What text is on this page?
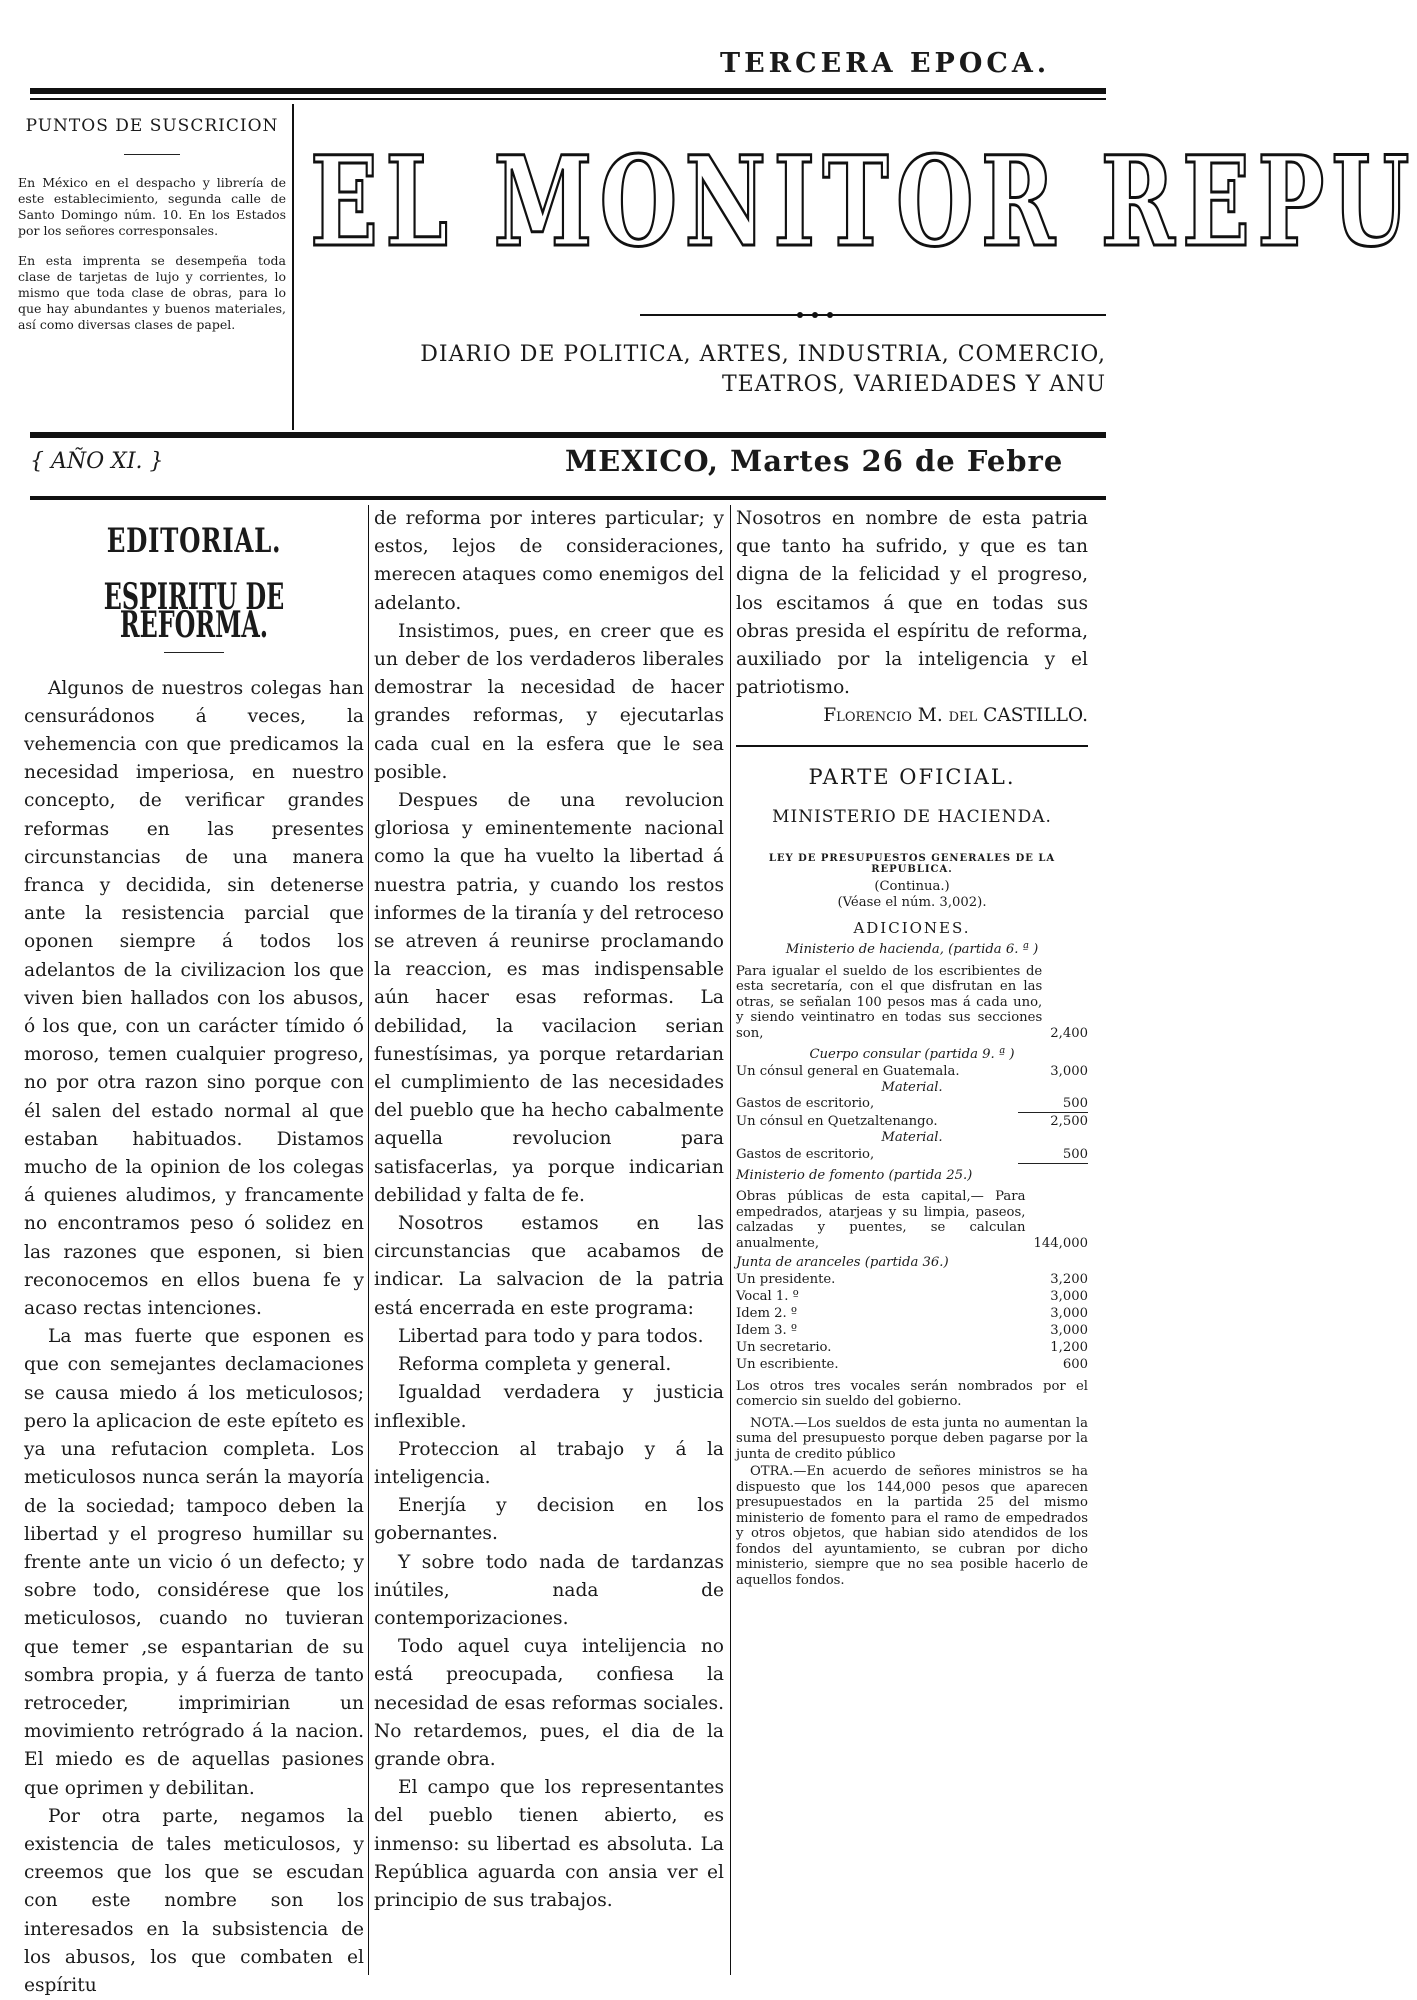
TERCERA EPOCA.
PUNTOS DE SUSCRICION

En México en el despacho y librería de este establecimiento, segunda calle de Santo Domingo núm. 10. En los Estados por los señores corresponsales.

En esta imprenta se desempeña toda clase de tarjetas de lujo y corrientes, lo mismo que toda clase de obras, para lo que hay abundantes y buenos materiales, así como diversas clases de papel.

EL MONITOR REPU
DIARIO DE POLITICA, ARTES, INDUSTRIA, COMERCIO,
TEATROS, VARIEDADES Y ANU
{ AÑO XI. }	MEXICO, Martes 26 de Febre
EDITORIAL.
ESPIRITU DE REFORMA.

Algunos de nuestros colegas han censurádonos á veces, la vehemencia con que predicamos la necesidad imperiosa, en nuestro concepto, de verificar grandes reformas en las presentes circunstancias de una manera franca y decidida, sin detenerse ante la resistencia parcial que oponen siempre á todos los adelantos de la civilizacion los que viven bien hallados con los abusos, ó los que, con un carácter tímido ó moroso, temen cualquier progreso, no por otra razon sino porque con él salen del estado normal al que estaban habituados. Distamos mucho de la opinion de los colegas á quienes aludimos, y francamente no encontramos peso ó solidez en las razones que esponen, si bien reconocemos en ellos buena fe y acaso rectas intenciones.

La mas fuerte que esponen es que con semejantes declamaciones se causa miedo á los meticulosos; pero la aplicacion de este epíteto es ya una refutacion completa. Los meticulosos nunca serán la mayoría de la sociedad; tampoco deben la libertad y el progreso humillar su frente ante un vicio ó un defecto; y sobre todo, considérese que los meticulosos, cuando no tuvieran que temer ,se espantarian de su sombra propia, y á fuerza de tanto retroceder, imprimirian un movimiento retrógrado á la nacion. El miedo es de aquellas pasiones que oprimen y debilitan.

Por otra parte, negamos la existencia de tales meticulosos, y creemos que los que se escudan con este nombre son los interesados en la subsistencia de los abusos, los que combaten el espíritu

de reforma por interes particular; y estos, lejos de consideraciones, merecen ataques como enemigos del adelanto.

Insistimos, pues, en creer que es un deber de los verdaderos liberales demostrar la necesidad de hacer grandes reformas, y ejecutarlas cada cual en la esfera que le sea posible.

Despues de una revolucion gloriosa y eminentemente nacional como la que ha vuelto la libertad á nuestra patria, y cuando los restos informes de la tiranía y del retroceso se atreven á reunirse proclamando la reaccion, es mas indispensable aún hacer esas reformas. La debilidad, la vacilacion serian funestísimas, ya porque retardarian el cumplimiento de las necesidades del pueblo que ha hecho cabalmente aquella revolucion para satisfacerlas, ya porque indicarian debilidad y falta de fe.

Nosotros estamos en las circunstancias que acabamos de indicar. La salvacion de la patria está encerrada en este programa:

Libertad para todo y para todos.

Reforma completa y general.

Igualdad verdadera y justicia inflexible.

Proteccion al trabajo y á la inteligencia.

Enerjía y decision en los gobernantes.

Y sobre todo nada de tardanzas inútiles, nada de contemporizaciones.

Todo aquel cuya intelijencia no está preocupada, confiesa la necesidad de esas reformas sociales. No retardemos, pues, el dia de la grande obra.

El campo que los representantes del pueblo tienen abierto, es inmenso: su libertad es absoluta. La República aguarda con ansia ver el principio de sus trabajos.

Nosotros en nombre de esta patria que tanto ha sufrido, y que es tan digna de la felicidad y el progreso, los escitamos á que en todas sus obras presida el espíritu de reforma, auxiliado por la inteligencia y el patriotismo.

Florencio M. del CASTILLO.
PARTE OFICIAL.
MINISTERIO DE HACIENDA.
LEY DE PRESUPUESTOS GENERALES DE LA REPUBLICA.
(Continua.)
(Véase el núm. 3,002).
ADICIONES.
Ministerio de hacienda, (partida 6. ª )
Para igualar el sueldo de los escribientes de esta secretaría, con el que disfrutan en las otras, se señalan 100 pesos mas á cada uno, y siendo veintinatro en todas sus secciones son,	2,400
Cuerpo consular (partida 9. ª )
Un cónsul general en Guatemala.	3,000
Material.
Gastos de escritorio,	500
Un cónsul en Quetzaltenango.	2,500
Material.
Gastos de escritorio,	500
Ministerio de fomento (partida 25.)
Obras públicas de esta capital,— Para empedrados, atarjeas y su limpia, paseos, calzadas y puentes, se calculan anualmente,	144,000
Junta de aranceles (partida 36.)
Un presidente.	3,200
Vocal 1. º	3,000
Idem 2. º	3,000
Idem 3. º	3,000
Un secretario.	1,200
Un escribiente.	600
Los otros tres vocales serán nombrados por el comercio sin sueldo del gobierno.
NOTA.—Los sueldos de esta junta no aumentan la suma del presupuesto porque deben pagarse por la junta de credito público
OTRA.—En acuerdo de señores ministros se ha dispuesto que los 144,000 pesos que aparecen presupuestados en la partida 25 del mismo ministerio de fomento para el ramo de empedrados y otros objetos, que habian sido atendidos de los fondos del ayuntamiento, se cubran por dicho ministerio, siempre que no sea posible hacerlo de aquellos fondos.
